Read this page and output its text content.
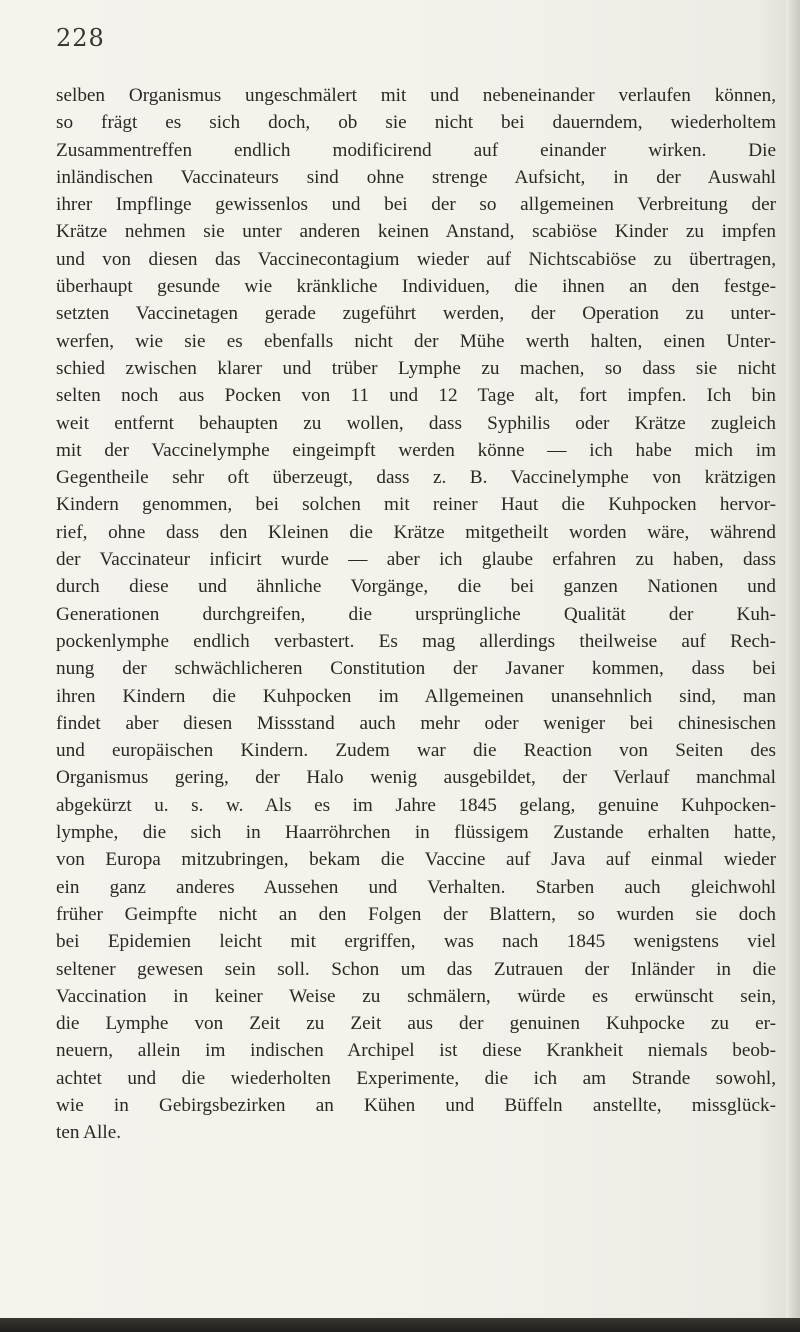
228
selben Organismus ungeschmälert mit und nebeneinander verlaufen können,
so frägt es sich doch, ob sie nicht bei dauerndem, wiederholtem
Zusammentreffen endlich modificirend auf einander wirken. Die
inländischen Vaccinateurs sind ohne strenge Aufsicht, in der Auswahl
ihrer Impflinge gewissenlos und bei der so allgemeinen Verbreitung der
Krätze nehmen sie unter anderen keinen Anstand, scabiöse Kinder zu impfen
und von diesen das Vaccinecontagium wieder auf Nichtscabiöse zu übertragen,
überhaupt gesunde wie kränkliche Individuen, die ihnen an den festge-
setzten Vaccinetagen gerade zugeführt werden, der Operation zu unter-
werfen, wie sie es ebenfalls nicht der Mühe werth halten, einen Unter-
schied zwischen klarer und trüber Lymphe zu machen, so dass sie nicht
selten noch aus Pocken von 11 und 12 Tage alt, fort impfen. Ich bin
weit entfernt behaupten zu wollen, dass Syphilis oder Krätze zugleich
mit der Vaccinelymphe eingeimpft werden könne — ich habe mich im
Gegentheile sehr oft überzeugt, dass z. B. Vaccinelymphe von krätzigen
Kindern genommen, bei solchen mit reiner Haut die Kuhpocken hervor-
rief, ohne dass den Kleinen die Krätze mitgetheilt worden wäre, während
der Vaccinateur inficirt wurde — aber ich glaube erfahren zu haben, dass
durch diese und ähnliche Vorgänge, die bei ganzen Nationen und
Generationen durchgreifen, die ursprüngliche Qualität der Kuh-
pockenlymphe endlich verbastert. Es mag allerdings theilweise auf Rech-
nung der schwächlicheren Constitution der Javaner kommen, dass bei
ihren Kindern die Kuhpocken im Allgemeinen unansehnlich sind, man
findet aber diesen Missstand auch mehr oder weniger bei chinesischen
und europäischen Kindern. Zudem war die Reaction von Seiten des
Organismus gering, der Halo wenig ausgebildet, der Verlauf manchmal
abgekürzt u. s. w. Als es im Jahre 1845 gelang, genuine Kuhpocken-
lymphe, die sich in Haarröhrchen in flüssigem Zustande erhalten hatte,
von Europa mitzubringen, bekam die Vaccine auf Java auf einmal wieder
ein ganz anderes Aussehen und Verhalten. Starben auch gleichwohl
früher Geimpfte nicht an den Folgen der Blattern, so wurden sie doch
bei Epidemien leicht mit ergriffen, was nach 1845 wenigstens viel
seltener gewesen sein soll. Schon um das Zutrauen der Inländer in die
Vaccination in keiner Weise zu schmälern, würde es erwünscht sein,
die Lymphe von Zeit zu Zeit aus der genuinen Kuhpocke zu er-
neuern, allein im indischen Archipel ist diese Krankheit niemals beob-
achtet und die wiederholten Experimente, die ich am Strande sowohl,
wie in Gebirgsbezirken an Kühen und Büffeln anstellte, missglück-
ten Alle.
